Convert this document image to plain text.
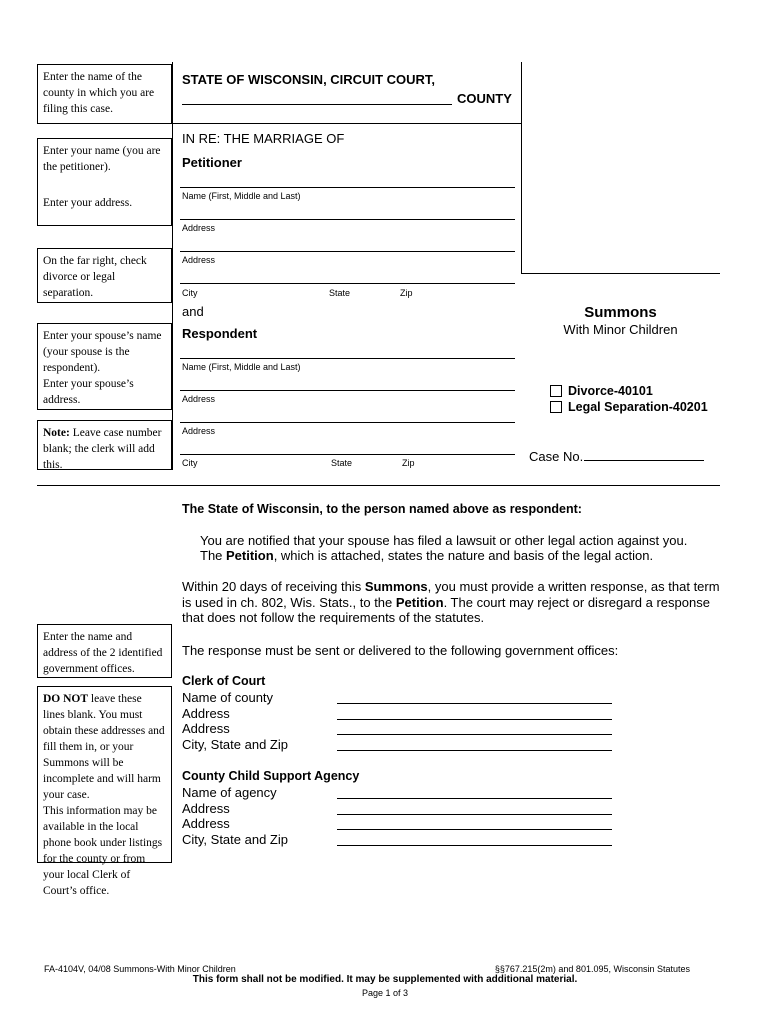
Enter the name of the county in which you are filing this case.

Enter your name (you are the petitioner).

Enter your address.

On the far right, check divorce or legal separation.

Enter your spouse’s name (your spouse is the respondent).

Enter your spouse’s address.

Note: Leave case number blank; the clerk will add this.

Enter the name and address of the 2 identified government offices.

DO NOT leave these lines blank. You must obtain these addresses and fill them in, or your Summons will be incomplete and will harm your case.

This information may be available in the local phone book under listings for the county or from your local Clerk of Court’s office.

STATE OF WISCONSIN, CIRCUIT COURT,
COUNTY
IN RE: THE MARRIAGE OF
Petitioner
Name (First, Middle and Last)
Address
Address
City	State	Zip
and
Respondent
Name (First, Middle and Last)
Address
Address
City	State	Zip
Summons
With Minor Children
Divorce-40101
Legal Separation-40201
Case No.
The State of Wisconsin, to the person named above as respondent:
You are notified that your spouse has filed a lawsuit or other legal action against you.
The Petition, which is attached, states the nature and basis of the legal action.
Within 20 days of receiving this Summons, you must provide a written response, as that term
is used in ch. 802, Wis. Stats., to the Petition. The court may reject or disregard a response
that does not follow the requirements of the statutes.
The response must be sent or delivered to the following government offices:
Clerk of Court
Name of county
Address
Address
City, State and Zip
County Child Support Agency
Name of agency
Address
Address
City, State and Zip
FA-4104V, 04/08 Summons-With Minor Children	§§767.215(2m) and 801.095, Wisconsin Statutes
This form shall not be modified. It may be supplemented with additional material.
Page 1 of 3
